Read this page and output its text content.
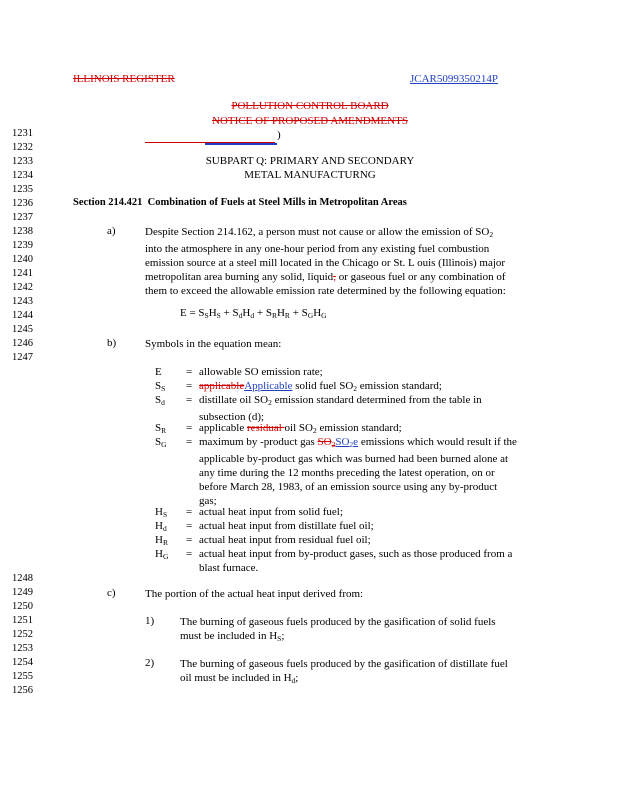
ILLINOIS REGISTER	JCAR5099350214P
POLLUTION CONTROL BOARD
NOTICE OF PROPOSED AMENDMENTS
)
1231
1232
1233
1234
1235
1236
1237
1238
1239
1240
1241
1242
1243
1244
1245
1246
1247
1248
1249
1250
1251
1252
1253
1254
1255
1256
SUBPART Q: PRIMARY AND SECONDARY
METAL MANUFACTURNG
Section 214.421 Combination of Fuels at Steel Mills in Metropolitan Areas
a)	Despite Section 214.162, a person must not cause or allow the emission of $SO_2$
into the atmosphere in any one-hour period from any existing fuel combustion
emission source at a steel mill located in the Chicago or St. L ouis (Illinois) major
metropolitan area burning any solid, liquid, or gaseous fuel or any combination of
them to exceed the allowable emission rate determined by the following equation:
$E = S_SH_S + S_dH_d + S_RH_R + S_GH_G$
b)	Symbols in the equation mean:
E	= allowable SO emission rate;
$S_S$	= applicableApplicable solid fuel $SO_2$ emission standard;
$S_d$	= distillate oil $SO_2$ emission standard determined from the table in
subsection (d);
$S_R$	= applicable residual oil $SO_2$ emission standard;
$S_G$	= maximum by -product gas $SO_2SO_2e$ emissions which would result if the
applicable by-product gas which was burned had been burned alone at
any time during the 12 months preceding the latest operation, on or
before March 28, 1983, of an emission source using any by-product
gas;
$H_S$	= actual heat input from solid fuel;
$H_d$	= actual heat input from distillate fuel oil;
$H_R$	= actual heat input from residual fuel oil;
$H_G$	= actual heat input from by-product gases, such as those produced from a
blast furnace.
c)	The portion of the actual heat input derived from:
1) The burning of gaseous fuels produced by the gasification of solid fuels
must be included in $H_S$;
2) The burning of gaseous fuels produced by the gasification of distillate fuel
oil must be included in $H_d$;
